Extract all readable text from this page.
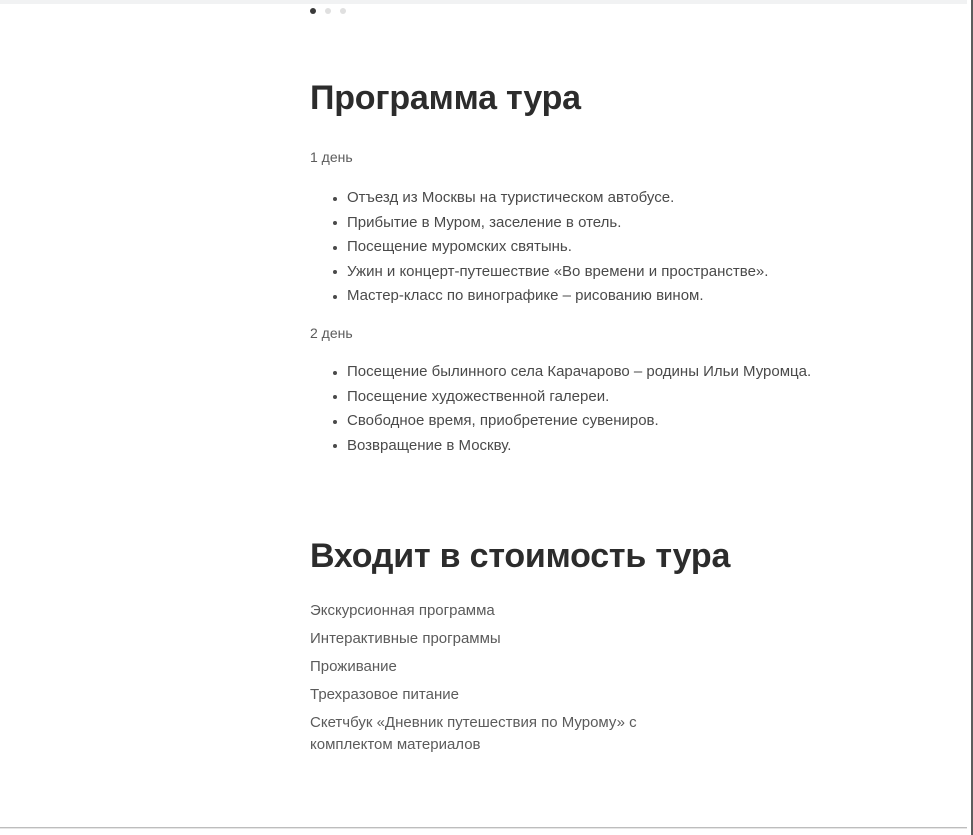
Программа тура
1 день
Отъезд из Москвы на туристическом автобусе.
Прибытие в Муром, заселение в отель.
Посещение муромских святынь.
Ужин и концерт-путешествие «Во времени и пространстве».
Мастер-класс по винографике – рисованию вином.
2 день
Посещение былинного села Карачарово – родины Ильи Муромца.
Посещение художественной галереи.
Свободное время, приобретение сувениров.
Возвращение в Москву.
Входит в стоимость тура
Экскурсионная программа
Интерактивные программы
Проживание
Трехразовое питание
Скетчбук «Дневник путешествия по Мурому» с комплектом материалов
